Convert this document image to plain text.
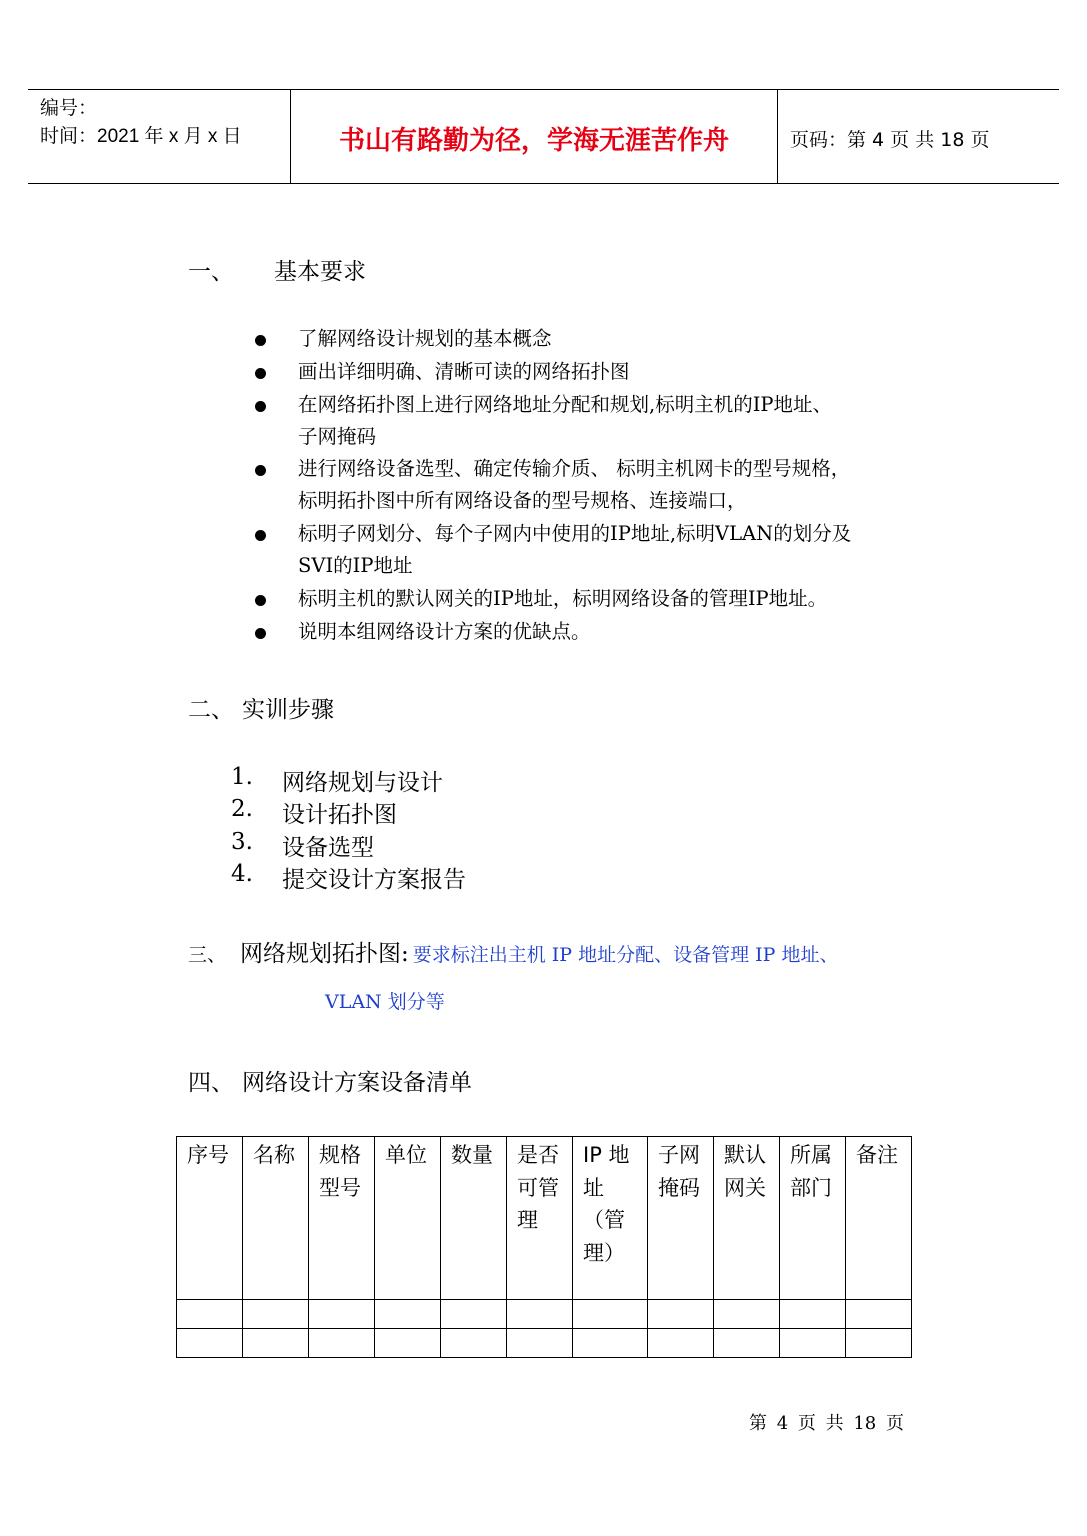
编号：
时间：2021 年 x 月 x 日	书山有路勤为径，学海无涯苦作舟	页码：第 4 页 共 18 页
一、 基本要求
了解网络设计规划的基本概念
画出详细明确、清晰可读的网络拓扑图
在网络拓扑图上进行网络地址分配和规划,标明主机的IP地址、
子网掩码
进行网络设备选型、确定传输介质、 标明主机网卡的型号规格，
标明拓扑图中所有网络设备的型号规格、连接端口，
标明子网划分、每个子网内中使用的IP地址,标明VLAN的划分及
SVI的IP地址
标明主机的默认网关的IP地址，标明网络设备的管理IP地址。
说明本组网络设计方案的优缺点。
二、 实训步骤
1. 网络规划与设计
2. 设计拓扑图
3. 设备选型
4. 提交设计方案报告
三、 网络规划拓扑图: 要求标注出主机 IP 地址分配、设备管理 IP 地址、
VLAN 划分等
四、 网络设计方案设备清单
序号	名称	规格型号	单位	数量	是否可管理	IP 地址（管理）	子网掩码	默认网关	所属部门	备注

第 4 页 共 18 页
